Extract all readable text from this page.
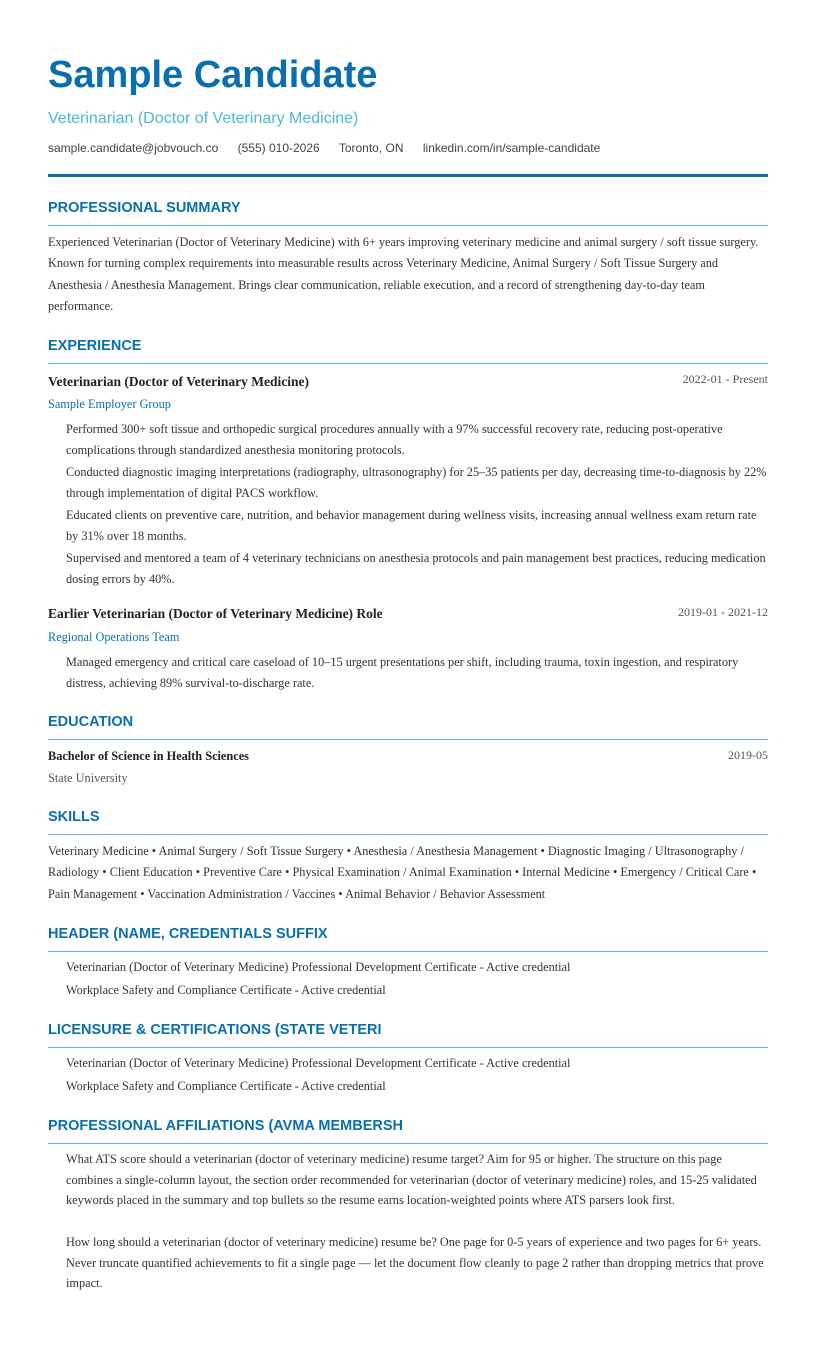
Sample Candidate
Veterinarian (Doctor of Veterinary Medicine)
sample.candidate@jobvouch.co (555) 010-2026 Toronto, ON linkedin.com/in/sample-candidate
PROFESSIONAL SUMMARY
Experienced Veterinarian (Doctor of Veterinary Medicine) with 6+ years improving veterinary medicine and animal surgery / soft tissue surgery. Known for turning complex requirements into measurable results across Veterinary Medicine, Animal Surgery / Soft Tissue Surgery and Anesthesia / Anesthesia Management. Brings clear communication, reliable execution, and a record of strengthening day-to-day team performance.
EXPERIENCE
Veterinarian (Doctor of Veterinary Medicine)	2022-01 - Present
Sample Employer Group
Performed 300+ soft tissue and orthopedic surgical procedures annually with a 97% successful recovery rate, reducing post-operative complications through standardized anesthesia monitoring protocols.
Conducted diagnostic imaging interpretations (radiography, ultrasonography) for 25–35 patients per day, decreasing time-to-diagnosis by 22% through implementation of digital PACS workflow.
Educated clients on preventive care, nutrition, and behavior management during wellness visits, increasing annual wellness exam return rate by 31% over 18 months.
Supervised and mentored a team of 4 veterinary technicians on anesthesia protocols and pain management best practices, reducing medication dosing errors by 40%.
Earlier Veterinarian (Doctor of Veterinary Medicine) Role	2019-01 - 2021-12
Regional Operations Team
Managed emergency and critical care caseload of 10–15 urgent presentations per shift, including trauma, toxin ingestion, and respiratory distress, achieving 89% survival-to-discharge rate.
EDUCATION
Bachelor of Science in Health Sciences	2019-05
State University
SKILLS
Veterinary Medicine • Animal Surgery / Soft Tissue Surgery • Anesthesia / Anesthesia Management • Diagnostic Imaging / Ultrasonography / Radiology • Client Education • Preventive Care • Physical Examination / Animal Examination • Internal Medicine • Emergency / Critical Care • Pain Management • Vaccination Administration / Vaccines • Animal Behavior / Behavior Assessment
HEADER (NAME, CREDENTIALS SUFFIX
Veterinarian (Doctor of Veterinary Medicine) Professional Development Certificate - Active credential
Workplace Safety and Compliance Certificate - Active credential
LICENSURE & CERTIFICATIONS (STATE VETERI
Veterinarian (Doctor of Veterinary Medicine) Professional Development Certificate - Active credential
Workplace Safety and Compliance Certificate - Active credential
PROFESSIONAL AFFILIATIONS (AVMA MEMBERSH
What ATS score should a veterinarian (doctor of veterinary medicine) resume target? Aim for 95 or higher. The structure on this page combines a single-column layout, the section order recommended for veterinarian (doctor of veterinary medicine) roles, and 15-25 validated keywords placed in the summary and top bullets so the resume earns location-weighted points where ATS parsers look first.
How long should a veterinarian (doctor of veterinary medicine) resume be? One page for 0-5 years of experience and two pages for 6+ years. Never truncate quantified achievements to fit a single page — let the document flow cleanly to page 2 rather than dropping metrics that prove impact.
